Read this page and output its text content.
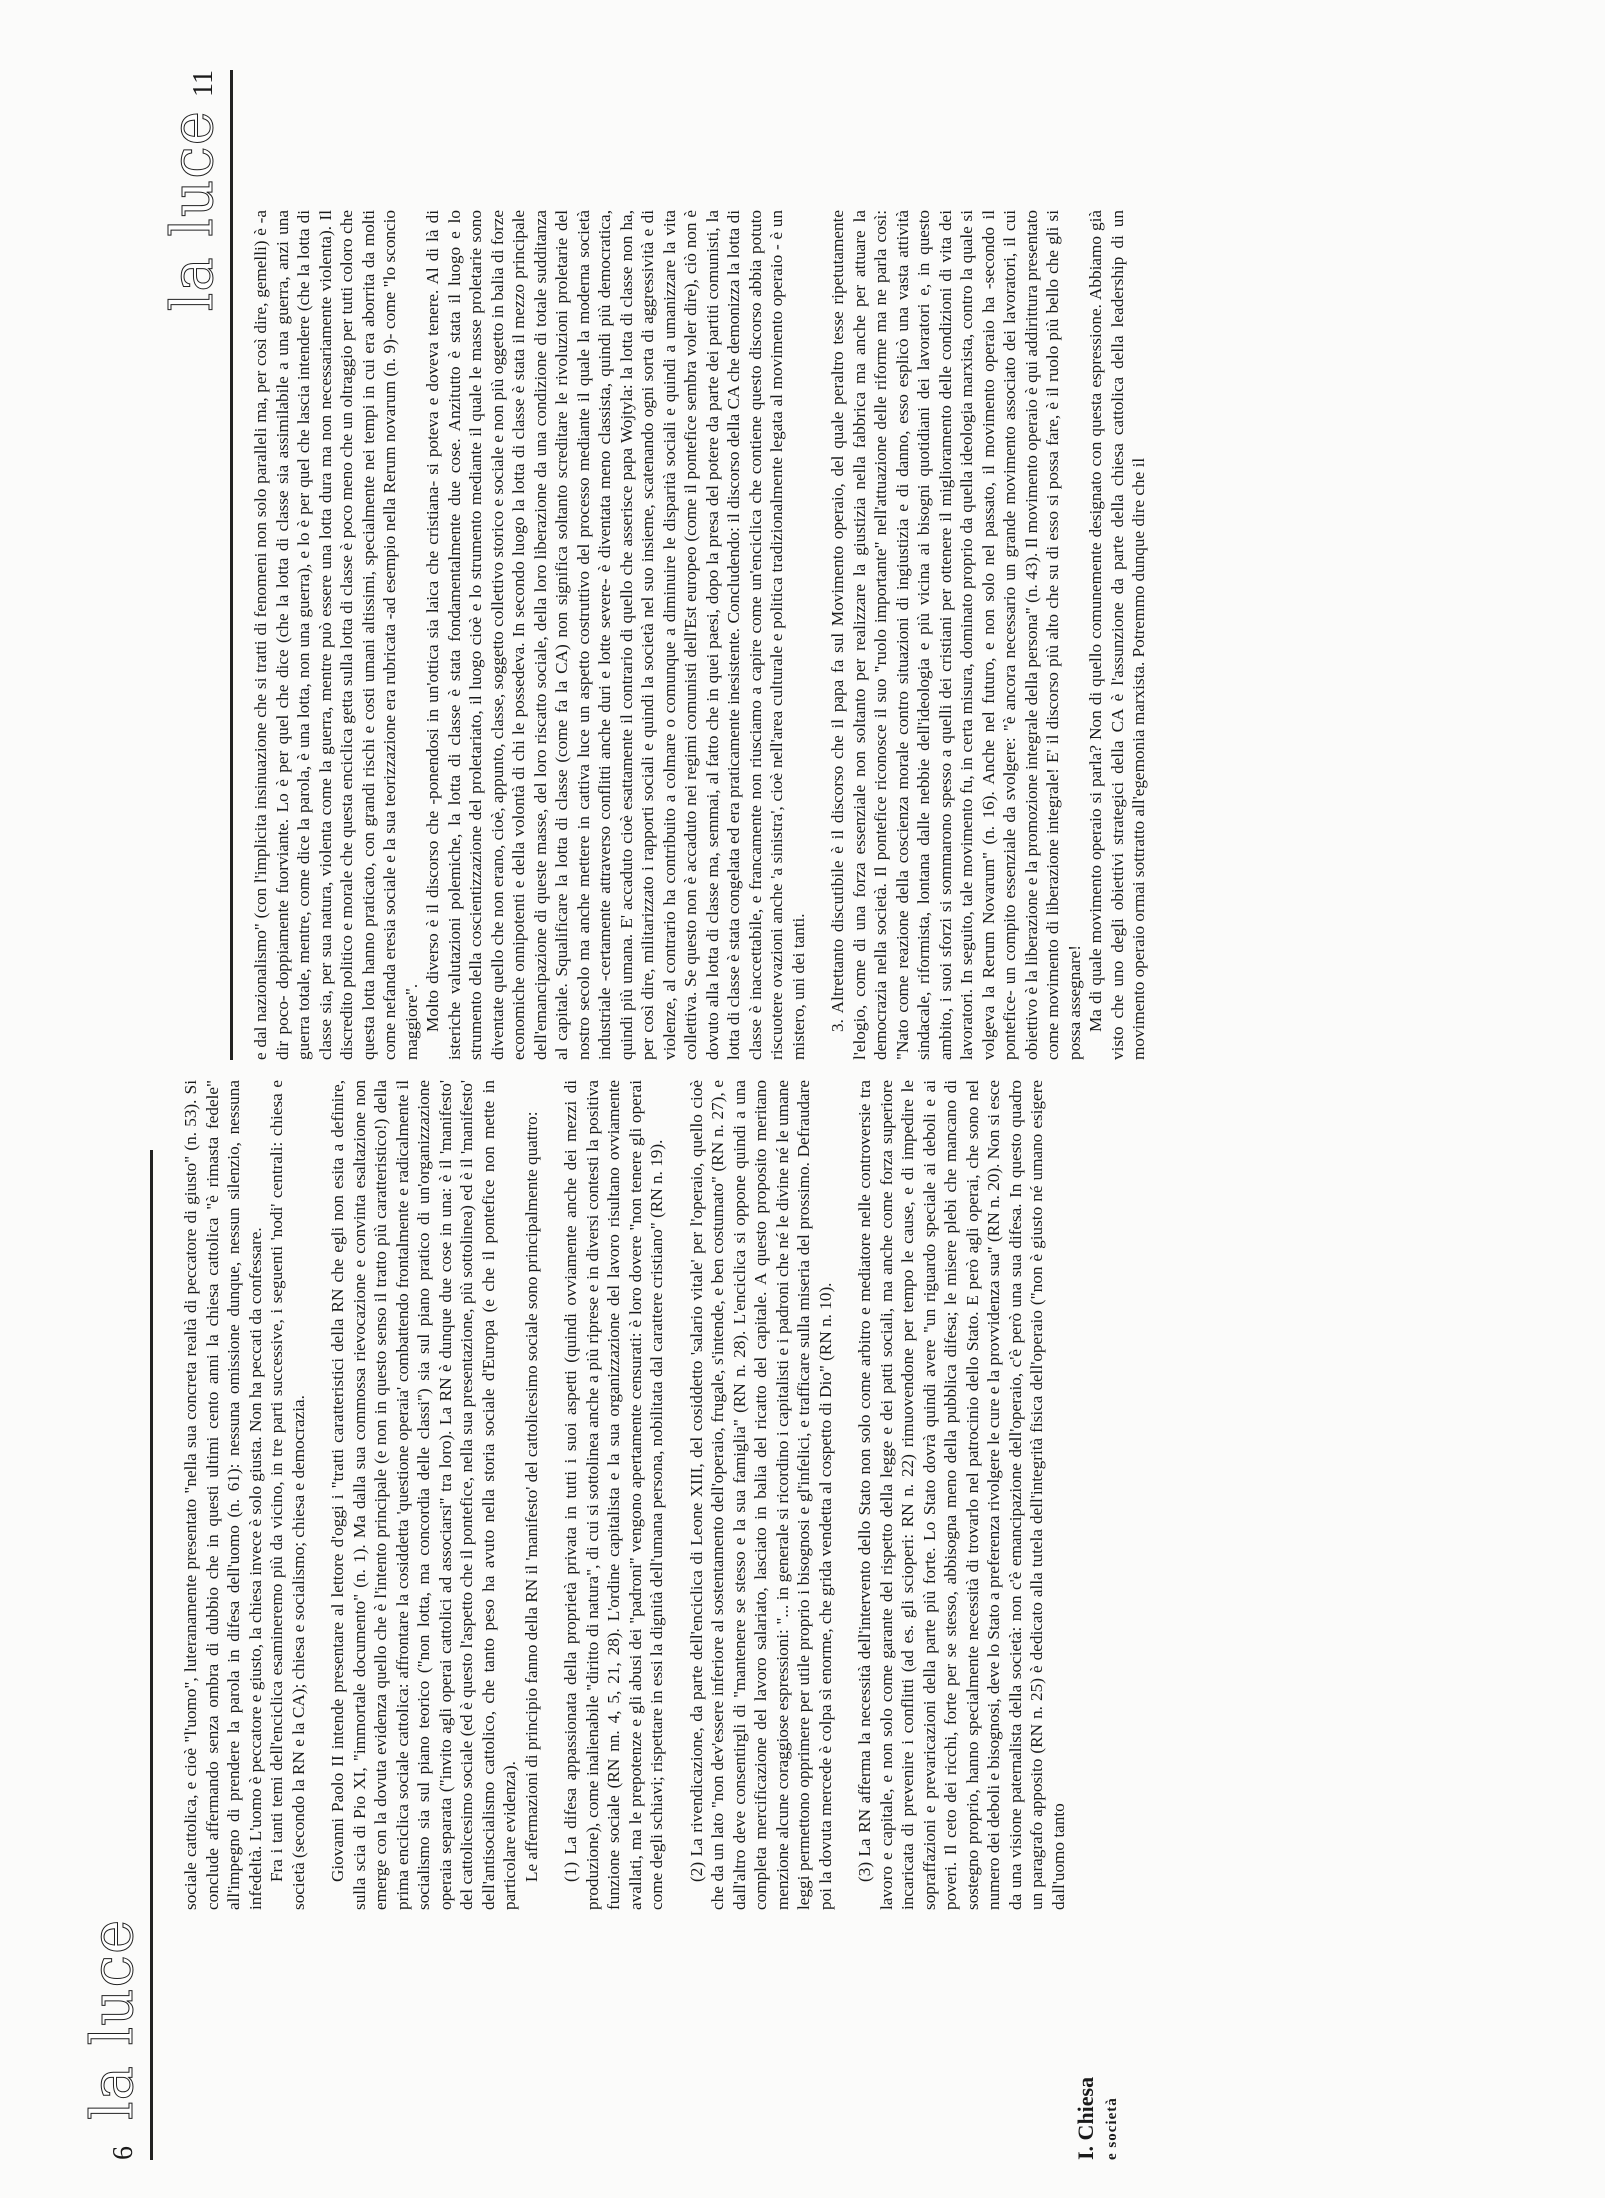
6
la luce	I. Chiesa e società

sociale cattolica, e cioè "l'uomo", luteranamente presentato "nella sua concreta realtà di peccatore di giusto" (n. 53). Si conclude affermando senza ombra di dubbio che in questi ultimi cento anni la chiesa cattolica "è rimasta fedele" all'impegno di prendere la parola in difesa dell'uomo (n. 61): nessuna omissione dunque, nessun silenzio, nessuna infedeltà. L'uomo è peccatore e giusto, la chiesa invece è solo giusta. Non ha peccati da confessare. Fra i tanti temi dell'enciclica esamineremo più da vicino, in tre parti successive, i seguenti 'nodi' centrali: chiesa e società (secondo la RN e la CA); chiesa e socialismo; chiesa e democrazia. Giovanni Paolo II intende presentare al lettore d'oggi i "tratti caratteristici della RN che egli non esita a definire, sulla scia di Pio XI, "immortale documento" (n. 1). Ma dalla sua commossa rievocazione e convinta esaltazione non emerge con la dovuta evidenza quello che è l'intento principale (e non in questo senso il tratto più caratteristico!) della prima enciclica sociale cattolica: affrontare la cosiddetta 'questione operaia' combattendo frontalmente e radicalmente il socialismo sia sul piano teorico ("non lotta, ma concordia delle classi") sia sul piano pratico di un'organizzazione operaia separata ("invito agli operai cattolici ad associarsi" tra loro). La RN è dunque due cose in una: è il 'manifesto' del cattolicesimo sociale (ed è questo l'aspetto che il pontefice, nella sua presentazione, più sottolinea) ed è il 'manifesto' dell'antisocialismo cattolico, che tanto peso ha avuto nella storia sociale d'Europa (e che il pontefice non mette in particolare evidenza). Le affermazioni di principio fanno della RN il 'manifesto' del cattolicesimo sociale sono principalmente quattro: (1) La difesa appassionata della proprietà privata in tutti i suoi aspetti (quindi ovviamente anche dei mezzi di produzione), come inalienabile "diritto di natura", di cui si sottolinea anche a più riprese e in diversi contesti la positiva funzione sociale (RN nn. 4, 5, 21, 28). L'ordine capitalista e la sua organizzazione del lavoro risultano ovviamente avallati, ma le prepotenze e gli abusi dei "padroni" vengono apertamente censurati: è loro dovere "non tenere gli operai come degli schiavi; rispettare in essi la dignità dell'umana persona, nobilitata dal carattere cristiano" (RN n. 19). (2) La rivendicazione, da parte dell'enciclica di Leone XIII, del cosiddetto 'salario vitale' per l'operaio, quello cioè che da un lato "non dev'essere inferiore al sostentamento dell'operaio, frugale, s'intende, e ben costumato" (RN n. 27), e dall'altro deve consentirgli di "mantenere se stesso e la sua famiglia" (RN n. 28). L'enciclica si oppone quindi a una completa mercificazione del lavoro salariato, lasciato in balia del ricatto del capitale. A questo proposito meritano menzione alcune coraggiose espressioni: "... in generale si ricordino i capitalisti e i padroni che né le divine né le umane leggi permettono opprimere per utile proprio i bisognosi e gl'infelici, e trafficare sulla miseria del prossimo. Defraudare poi la dovuta mercede è colpa sì enorme, che grida vendetta al cospetto di Dio" (RN n. 10). (3) La RN afferma la necessità dell'intervento dello Stato non solo come arbitro e mediatore nelle controversie tra lavoro e capitale, e non solo come garante del rispetto della legge e dei patti sociali, ma anche come forza superiore incaricata di prevenire i conflitti (ad es. gli scioperi: RN n. 22) rimuovendone per tempo le cause, e di impedire le sopraffazioni e prevaricazioni della parte più forte. Lo Stato dovrà quindi avere "un riguardo speciale ai deboli e ai poveri. Il ceto dei ricchi, forte per se stesso, abbisogna meno della pubblica difesa; le misere plebi che mancano di sostegno proprio, hanno specialmente necessità di trovarlo nel patrocinio dello Stato. E però agli operai, che sono nel numero dei deboli e bisognosi, deve lo Stato a preferenza rivolgere le cure e la provvidenza sua" (RN n. 20). Non si esce da una visione paternalista della società: non c'è emancipazione dell'operaio, c'è però una sua difesa. In questo quadro un paragrafo apposito (RN n. 25) è dedicato alla tutela dell'integrità fisica dell'operaio ("non è giusto né umano esigere dall'uomo tanto

la luce
11

e dal nazionalismo" (con l'implicita insinuazione che si tratti di fenomeni non solo paralleli ma, per così dire, gemelli) è -a dir poco- doppiamente fuorviante. Lo è per quel che dice (che la lotta di classe sia assimilabile a una guerra, anzi una guerra totale, mentre, come dice la parola, è una lotta, non una guerra), e lo è per quel che lascia intendere (che la lotta di classe sia, per sua natura, violenta come la guerra, mentre può essere una lotta dura ma non necessariamente violenta). Il discredito politico e morale che questa enciclica getta sulla lotta di classe è poco meno che un oltraggio per tutti coloro che questa lotta hanno praticato, con grandi rischi e costi umani altissimi, specialmente nei tempi in cui era aborrita da molti come nefanda eresia sociale e la sua teorizzazione era rubricata -ad esempio nella Rerum novarum (n. 9)- come "lo sconcio maggiore". Molto diverso è il discorso che -ponendosi in un'ottica sia laica che cristiana- si poteva e doveva tenere. Al di là di isteriche valutazioni polemiche, la lotta di classe è stata fondamentalmente due cose. Anzitutto è stata il luogo e lo strumento della coscientizzazione del proletariato, il luogo cioè e lo strumento mediante il quale le masse proletarie sono diventate quello che non erano, cioè, appunto, classe, soggetto collettivo storico e sociale e non più oggetto in balia di forze economiche onnipotenti e della volontà di chi le possedeva. In secondo luogo la lotta di classe è stata il mezzo principale dell'emancipazione di queste masse, del loro riscatto sociale, della loro liberazione da una condizione di totale sudditanza al capitale. Squalificare la lotta di classe (come fa la CA) non significa soltanto screditare le rivoluzioni proletarie del nostro secolo ma anche mettere in cattiva luce un aspetto costruttivo del processo mediante il quale la moderna società industriale -certamente attraverso conflitti anche duri e lotte severe- è diventata meno classista, quindi più democratica, quindi più umana. E' accaduto cioè esattamente il contrario di quello che asserisce papa Wojtyla: la lotta di classe non ha, per così dire, militarizzato i rapporti sociali e quindi la società nel suo insieme, scatenando ogni sorta di aggressività e di violenze, al contrario ha contribuito a colmare o comunque a diminuire le disparità sociali e quindi a umanizzare la vita collettiva. Se questo non è accaduto nei regimi comunisti dell'Est europeo (come il pontefice sembra voler dire), ciò non è dovuto alla lotta di classe ma, semmai, al fatto che in quei paesi, dopo la presa del potere da parte dei partiti comunisti, la lotta di classe è stata congelata ed era praticamente inesistente. Concludendo: il discorso della CA che demonizza la lotta di classe è inaccettabile, e francamente non riusciamo a capire come un'enciclica che contiene questo discorso abbia potuto riscuotere ovazioni anche 'a sinistra', cioè nell'area culturale e politica tradizionalmente legata al movimento operaio - è un mistero, uni dei tanti. 3. Altrettanto discutibile è il discorso che il papa fa sul Movimento operaio, del quale peraltro tesse ripetutamente l'elogio, come di una forza essenziale non soltanto per realizzare la giustizia nella fabbrica ma anche per attuare la democrazia nella società. Il pontefice riconosce il suo "ruolo importante" nell'attuazione delle riforme ma ne parla così: "Nato come reazione della coscienza morale contro situazioni di ingiustizia e di danno, esso esplicò una vasta attività sindacale, riformista, lontana dalle nebbie dell'ideologia e più vicina ai bisogni quotidiani dei lavoratori e, in questo ambito, i suoi sforzi si sommarono spesso a quelli dei cristiani per ottenere il miglioramento delle condizioni di vita dei lavoratori. In seguito, tale movimento fu, in certa misura, dominato proprio da quella ideologia marxista, contro la quale si volgeva la Rerum Novarum" (n. 16). Anche nel futuro, e non solo nel passato, il movimento operaio ha -secondo il pontefice- un compito essenziale da svolgere: "è ancora necessario un grande movimento associato dei lavoratori, il cui obiettivo è la liberazione e la promozione integrale della persona" (n. 43). Il movimento operaio è qui addirittura presentato come movimento di liberazione integrale! E' il discorso più alto che su di esso si possa fare, è il ruolo più bello che gli si possa assegnare! Ma di quale movimento operaio si parla? Non di quello comunemente designato con questa espressione. Abbiamo già visto che uno degli obiettivi strategici della CA è l'assunzione da parte della chiesa cattolica della leadership di un movimento operaio ormai sottratto all'egemonia marxista. Potremmo dunque dire che il
